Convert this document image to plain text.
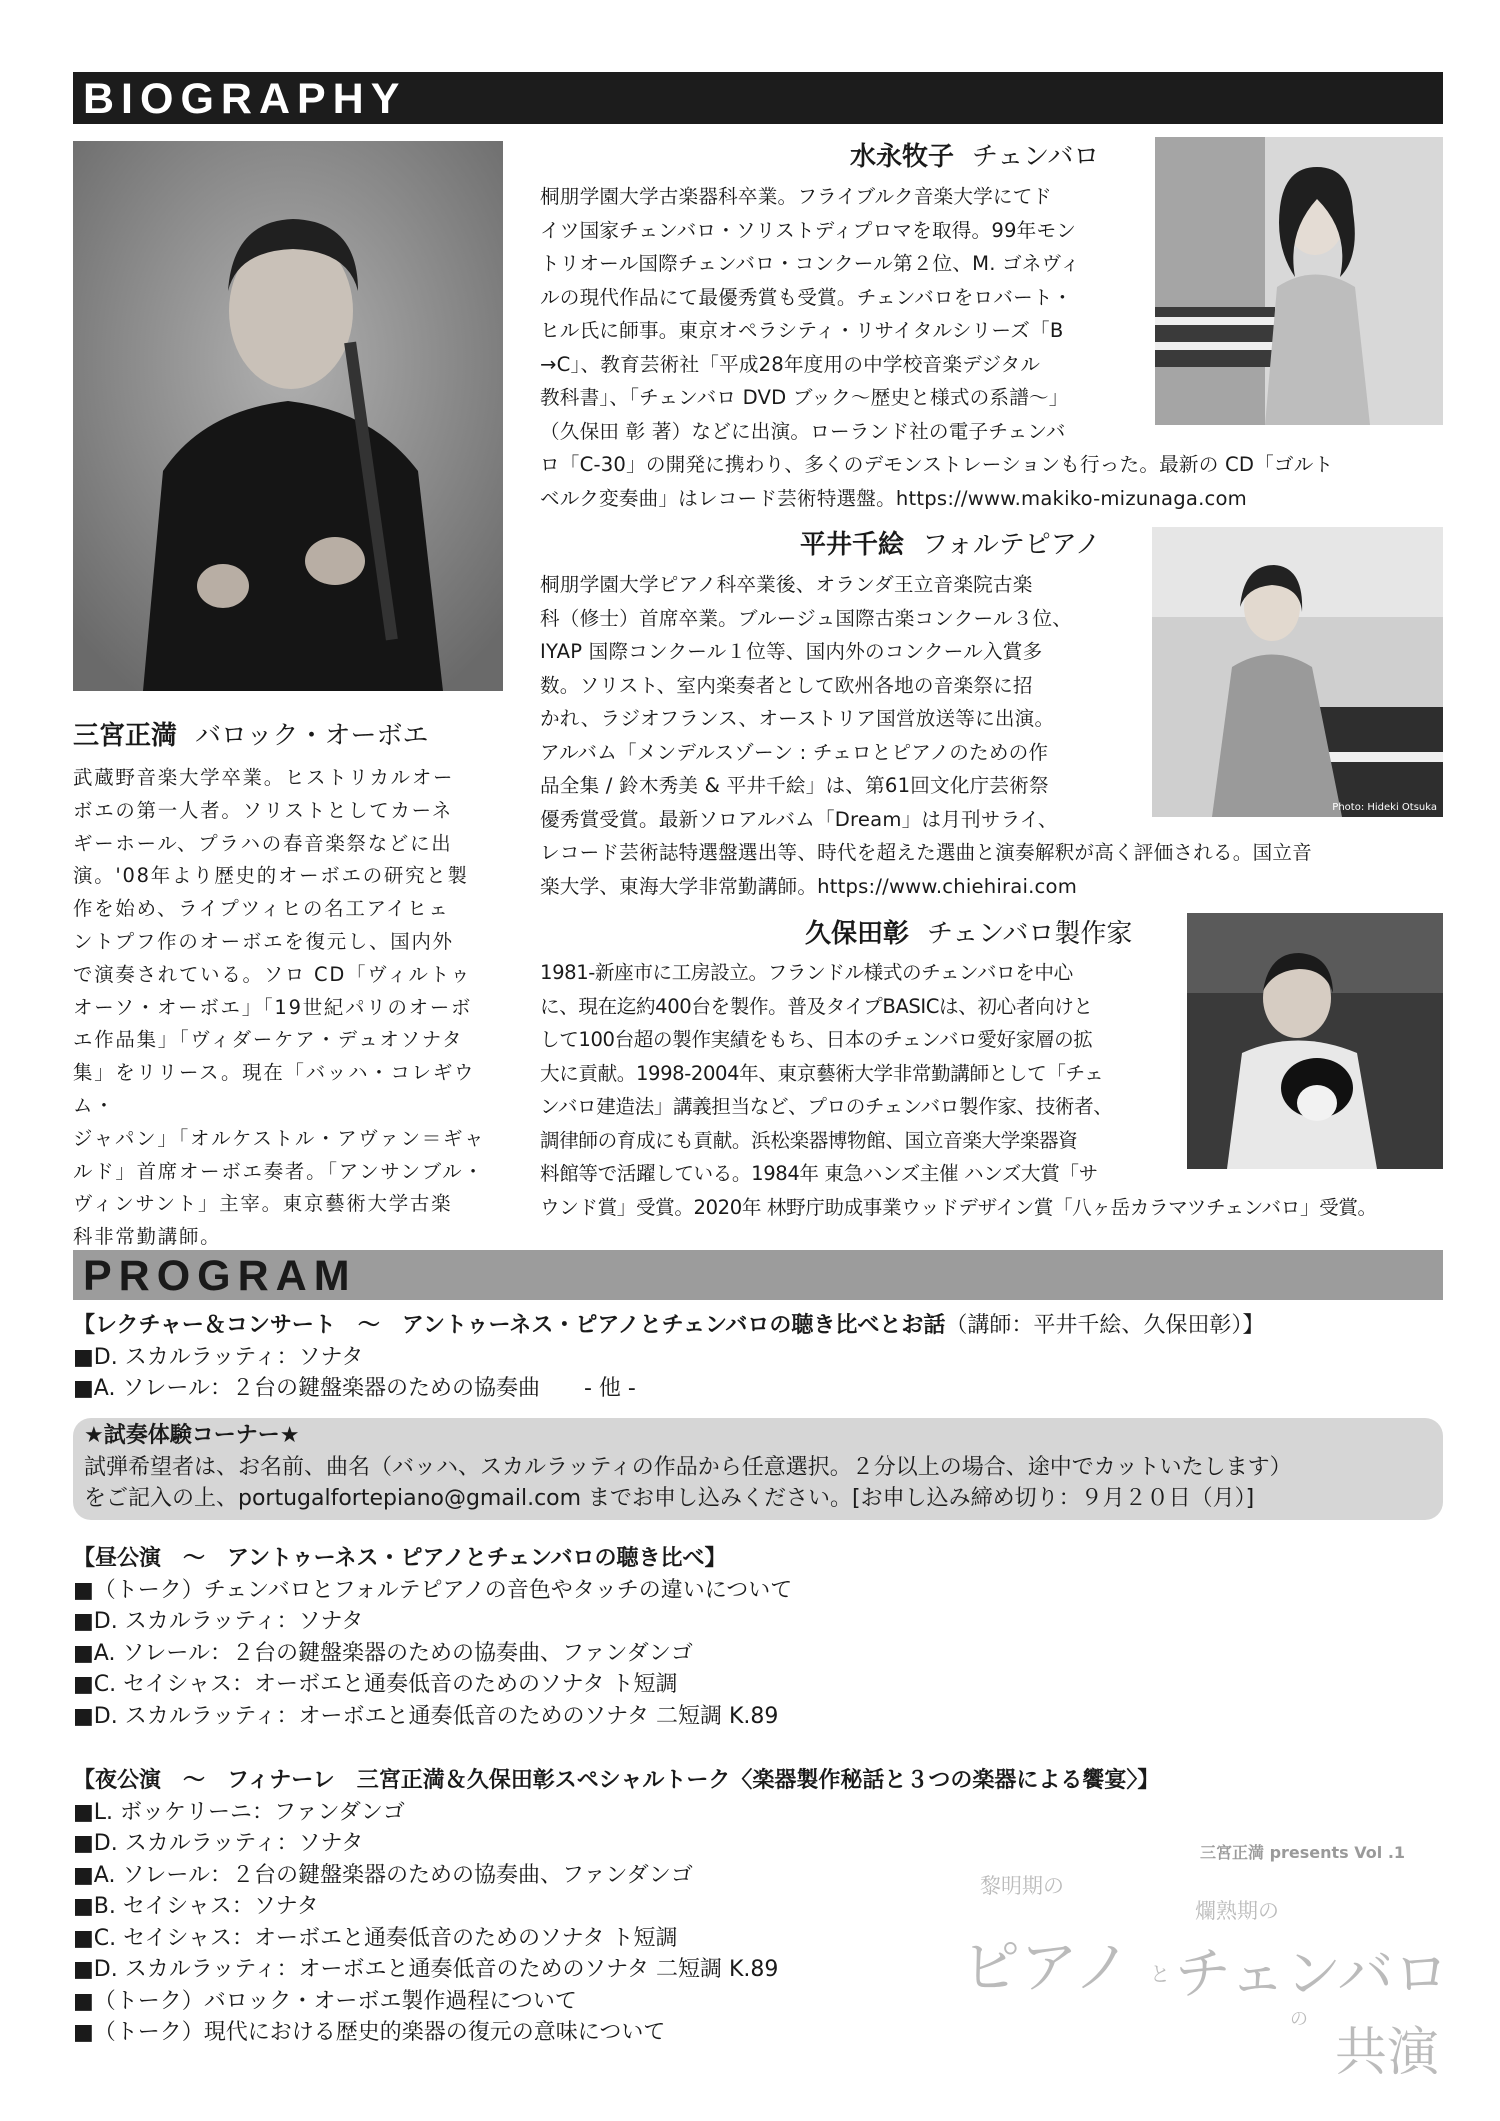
BIOGRAPHY
三宮正満 バロック・オーボエ
武蔵野音楽大学卒業。ヒストリカルオー
ボエの第一人者。ソリストとしてカーネ
ギーホール、プラハの春音楽祭などに出
演。'08年より歴史的オーボエの研究と製
作を始め、ライプツィヒの名工アイヒェ
ントプフ作のオーボエを復元し、国内外
で演奏されている。ソロ CD「ヴィルトゥ
オーソ・オーボエ」「19世紀パリのオーボ
エ作品集」「ヴィダーケア・デュオソナタ
集」をリリース。現在「バッハ・コレギウム・
ジャパン」「オルケストル・アヴァン＝ギャ
ルド」首席オーボエ奏者。「アンサンブル・
ヴィンサント」主宰。東京藝術大学古楽
科非常勤講師。
水永牧子 チェンバロ
桐朋学園大学古楽器科卒業。フライブルク音楽大学にてド
イツ国家チェンバロ・ソリストディプロマを取得。99年モン
トリオール国際チェンバロ・コンクール第２位、M. ゴネヴィ
ルの現代作品にて最優秀賞も受賞。チェンバロをロバート・
ヒル氏に師事。東京オペラシティ・リサイタルシリーズ「B
→C」、教育芸術社「平成28年度用の中学校音楽デジタル
教科書」、「チェンバロ DVD ブック〜歴史と様式の系譜〜」
（久保田 彰 著）などに出演。ローランド社の電子チェンバ
ロ「C-30」の開発に携わり、多くのデモンストレーションも行った。最新の CD「ゴルト
ベルク変奏曲」はレコード芸術特選盤。https://www.makiko-mizunaga.com
平井千絵 フォルテピアノ
Photo: Hideki Otsuka
桐朋学園大学ピアノ科卒業後、オランダ王立音楽院古楽
科（修士）首席卒業。ブルージュ国際古楽コンクール３位、
IYAP 国際コンクール１位等、国内外のコンクール入賞多
数。ソリスト、室内楽奏者として欧州各地の音楽祭に招
かれ、ラジオフランス、オーストリア国営放送等に出演。
アルバム「メンデルスゾーン : チェロとピアノのための作
品全集 / 鈴木秀美 & 平井千絵」は、第61回文化庁芸術祭
優秀賞受賞。最新ソロアルバム「Dream」は月刊サライ、
レコード芸術誌特選盤選出等、時代を超えた選曲と演奏解釈が高く評価される。国立音
楽大学、東海大学非常勤講師。https://www.chiehirai.com
久保田彰 チェンバロ製作家
1981-新座市に工房設立。フランドル様式のチェンバロを中心
に、現在迄約400台を製作。普及タイプBASICは、初心者向けと
して100台超の製作実績をもち、日本のチェンバロ愛好家層の拡
大に貢献。1998-2004年、東京藝術大学非常勤講師として「チェ
ンバロ建造法」講義担当など、プロのチェンバロ製作家、技術者、
調律師の育成にも貢献。浜松楽器博物館、国立音楽大学楽器資
料館等で活躍している。1984年 東急ハンズ主催 ハンズ大賞「サ
ウンド賞」受賞。2020年 林野庁助成事業ウッドデザイン賞「八ヶ岳カラマツチェンバロ」受賞。
PROGRAM
【レクチャー＆コンサート　〜　アントゥーネス・ピアノとチェンバロの聴き比べとお話（講師：平井千絵、久保田彰）】
■D. スカルラッティ：ソナタ
■A. ソレール：２台の鍵盤楽器のための協奏曲　　- 他 -
★試奏体験コーナー★
試弾希望者は、お名前、曲名（バッハ、スカルラッティの作品から任意選択。２分以上の場合、途中でカットいたします）
をご記入の上、portugalfortepiano@gmail.com までお申し込みください。[お申し込み締め切り：９月２０日（月）]
【昼公演　〜　アントゥーネス・ピアノとチェンバロの聴き比べ】
■（トーク）チェンバロとフォルテピアノの音色やタッチの違いについて
■D. スカルラッティ：ソナタ
■A. ソレール：２台の鍵盤楽器のための協奏曲、ファンダンゴ
■C. セイシャス：オーボエと通奏低音のためのソナタ ト短調
■D. スカルラッティ：オーボエと通奏低音のためのソナタ 二短調 K.89
【夜公演　〜　フィナーレ　三宮正満＆久保田彰スペシャルトーク〈楽器製作秘話と３つの楽器による饗宴〉】
■L. ボッケリーニ：ファンダンゴ
■D. スカルラッティ：ソナタ
■A. ソレール：２台の鍵盤楽器のための協奏曲、ファンダンゴ
■B. セイシャス：ソナタ
■C. セイシャス：オーボエと通奏低音のためのソナタ ト短調
■D. スカルラッティ：オーボエと通奏低音のためのソナタ 二短調 K.89
■（トーク）バロック・オーボエ製作過程について
■（トーク）現代における歴史的楽器の復元の意味について
三宮正満 presents Vol .1
黎明期の
爛熟期の
ピアノ と チェンバロ
の
共演
